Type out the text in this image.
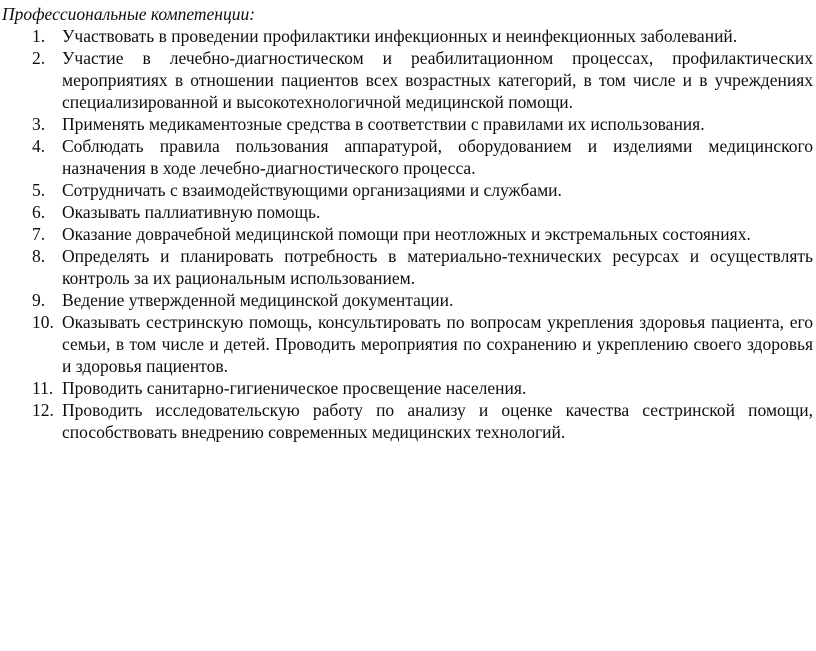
Профессиональные компетенции:
1. Участвовать в проведении профилактики инфекционных и неинфекционных заболеваний.
2. Участие в лечебно-диагностическом и реабилитационном процессах, профилактических мероприятиях в отношении пациентов всех возрастных категорий, в том числе и в учреждениях специализированной и высокотехнологичной медицинской помощи.
3. Применять медикаментозные средства в соответствии с правилами их использования.
4. Соблюдать правила пользования аппаратурой, оборудованием и изделиями медицинского назначения в ходе лечебно-диагностического процесса.
5. Сотрудничать с взаимодействующими организациями и службами.
6. Оказывать паллиативную помощь.
7. Оказание доврачебной медицинской помощи при неотложных и экстремальных состояниях.
8. Определять и планировать потребность в материально-технических ресурсах и осуществлять контроль за их рациональным использованием.
9. Ведение утвержденной медицинской документации.
10. Оказывать сестринскую помощь, консультировать по вопросам укрепления здоровья пациента, его семьи, в том числе и детей. Проводить мероприятия по сохранению и укреплению своего здоровья и здоровья пациентов.
11. Проводить санитарно-гигиеническое просвещение населения.
12. Проводить исследовательскую работу по анализу и оценке качества сестринской помощи, способствовать внедрению современных медицинских технологий.
